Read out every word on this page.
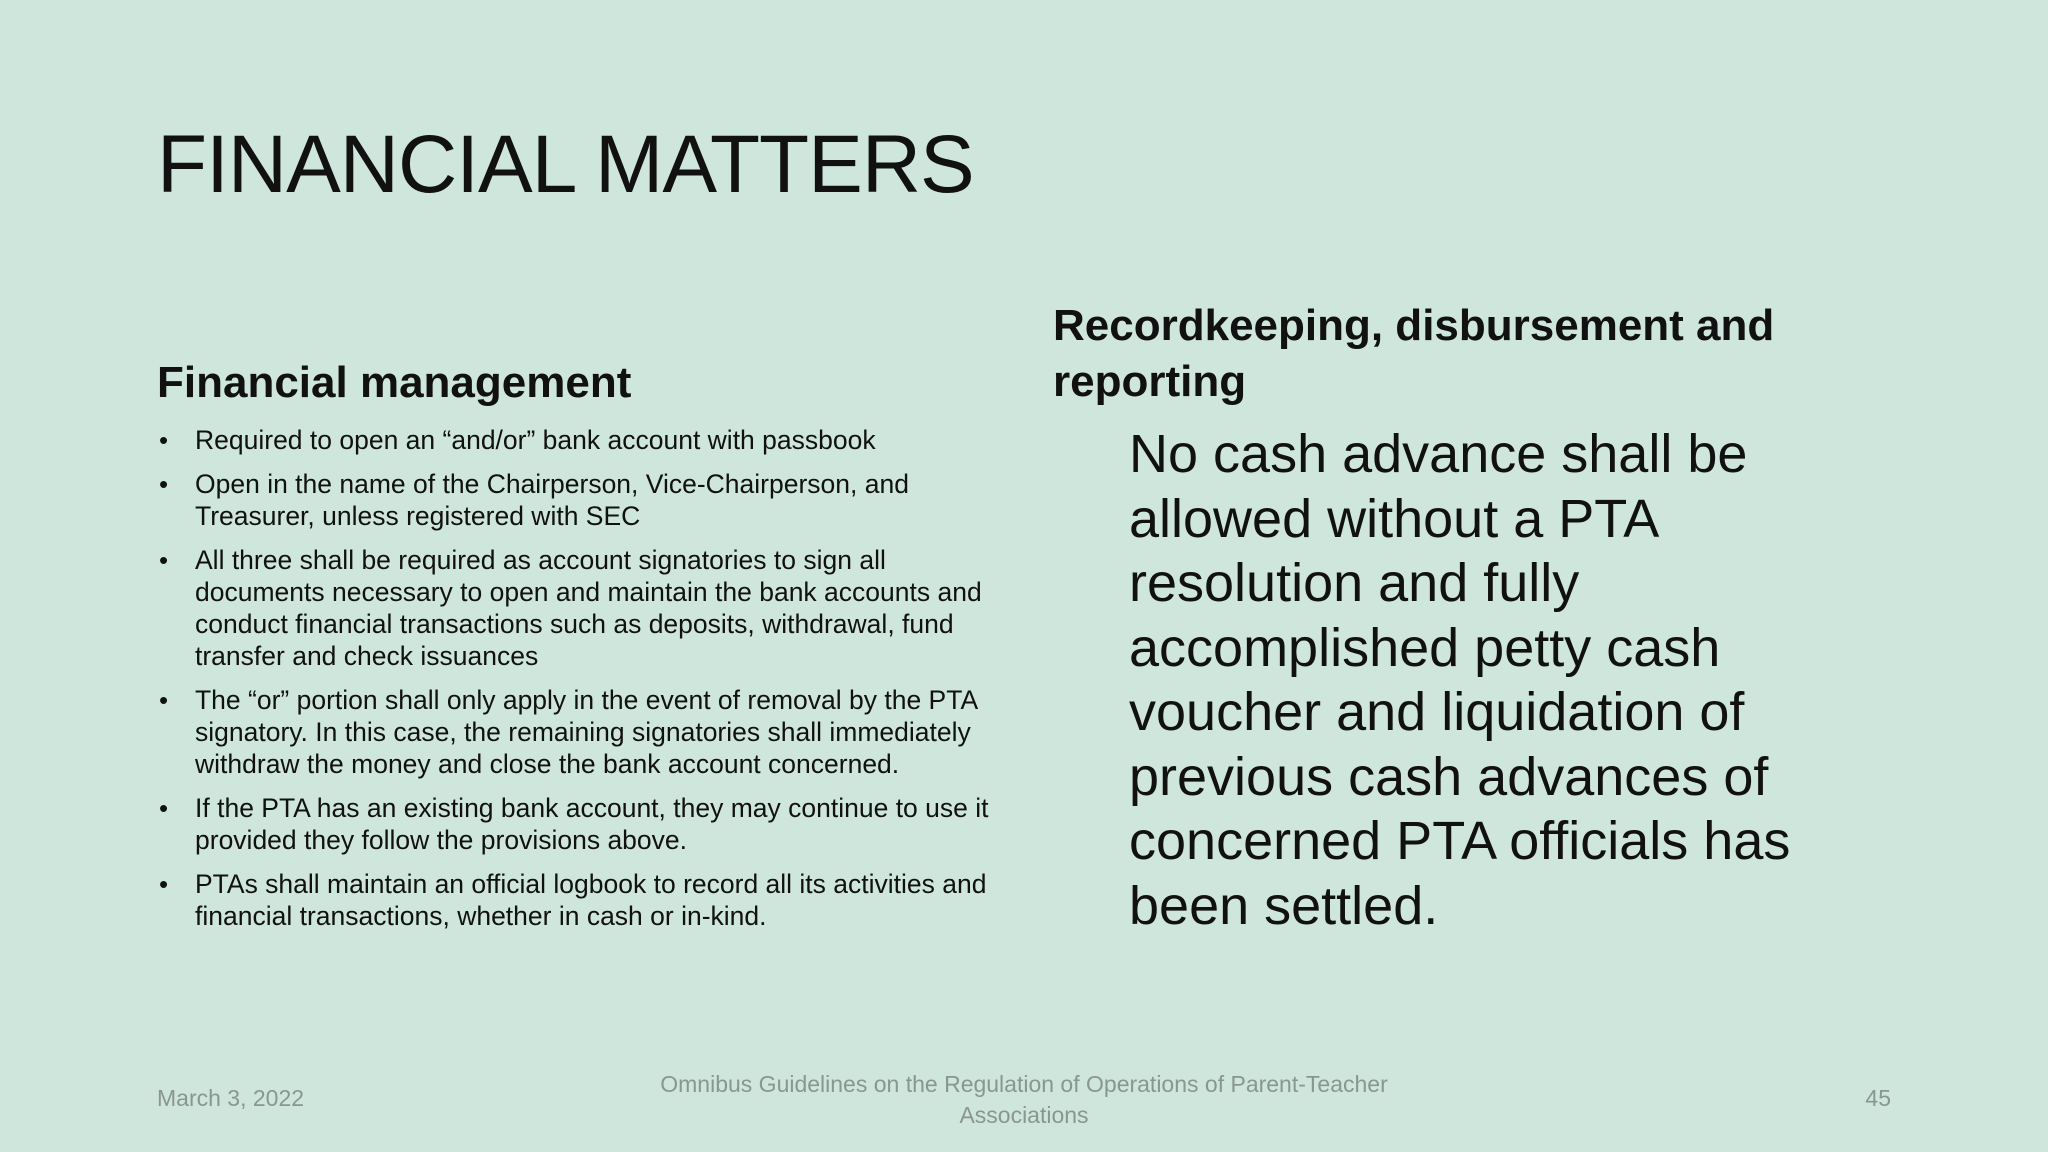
FINANCIAL MATTERS
Financial management
• Required to open an “and/or” bank account with passbook
• Open in the name of the Chairperson, Vice-Chairperson, and Treasurer, unless registered with SEC
• All three shall be required as account signatories to sign all documents necessary to open and maintain the bank accounts and conduct financial transactions such as deposits, withdrawal, fund transfer and check issuances
• The “or” portion shall only apply in the event of removal by the PTA signatory. In this case, the remaining signatories shall immediately withdraw the money and close the bank account concerned.
• If the PTA has an existing bank account, they may continue to use it provided they follow the provisions above.
• PTAs shall maintain an official logbook to record all its activities and financial transactions, whether in cash or in-kind.
Recordkeeping, disbursement and reporting
No cash advance shall be allowed without a PTA resolution and fully accomplished petty cash voucher and liquidation of previous cash advances of concerned PTA officials has been settled.
March 3, 2022
Omnibus Guidelines on the Regulation of Operations of Parent-Teacher Associations
45
